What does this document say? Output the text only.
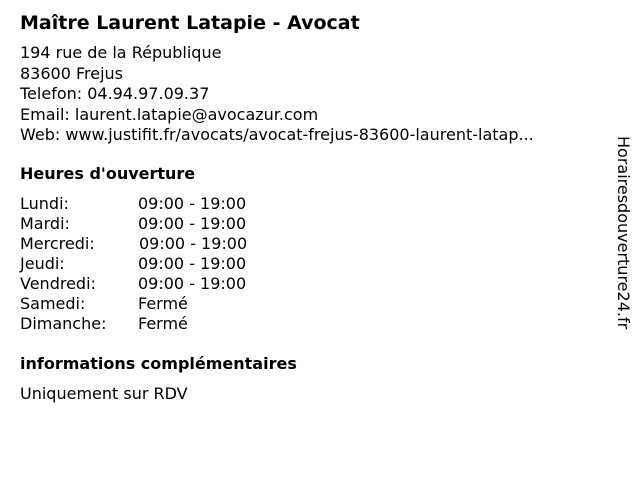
Maître Laurent Latapie - Avocat
194 rue de la République
83600 Frejus
Telefon: 04.94.97.09.37
Email: laurent.latapie@avocazur.com
Web: www.justifit.fr/avocats/avocat-frejus-83600-laurent-latap...
Heures d'ouverture
Lundi:	09:00 - 19:00
Mardi:	09:00 - 19:00
Mercredi:	09:00 - 19:00
Jeudi:	09:00 - 19:00
Vendredi:	09:00 - 19:00
Samedi:	Fermé
Dimanche: Fermé
informations complémentaires
Uniquement sur RDV
Horairesdouverture24.fr
